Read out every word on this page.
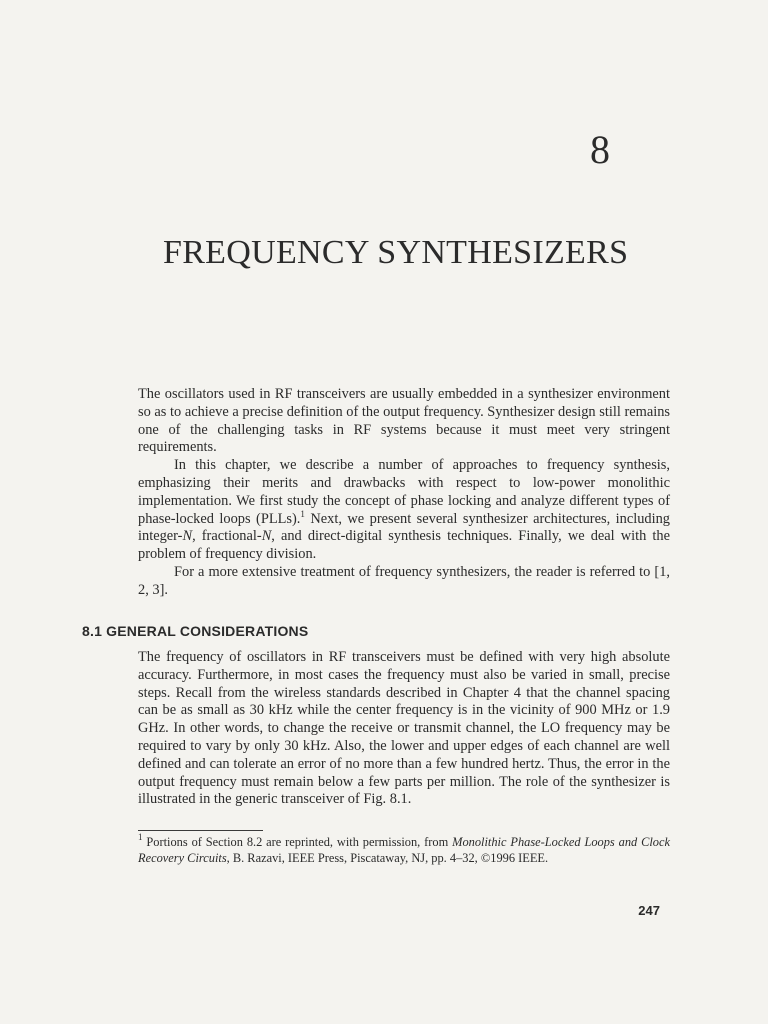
8
FREQUENCY SYNTHESIZERS

The oscillators used in RF transceivers are usually embedded in a synthesizer environment so as to achieve a precise definition of the output frequency. Synthesizer design still remains one of the challenging tasks in RF systems because it must meet very stringent requirements.

In this chapter, we describe a number of approaches to frequency synthesis, emphasizing their merits and drawbacks with respect to low-power monolithic implementation. We first study the concept of phase locking and analyze different types of phase-locked loops (PLLs).$^1$ Next, we present several synthesizer architectures, including integer-N, fractional-N, and direct-digital synthesis techniques. Finally, we deal with the problem of frequency division.

For a more extensive treatment of frequency synthesizers, the reader is referred to [1, 2, 3].

8.1 GENERAL CONSIDERATIONS

The frequency of oscillators in RF transceivers must be defined with very high absolute accuracy. Furthermore, in most cases the frequency must also be varied in small, precise steps. Recall from the wireless standards described in Chapter 4 that the channel spacing can be as small as 30 kHz while the center frequency is in the vicinity of 900 MHz or 1.9 GHz. In other words, to change the receive or transmit channel, the LO frequency may be required to vary by only 30 kHz. Also, the lower and upper edges of each channel are well defined and can tolerate an error of no more than a few hundred hertz. Thus, the error in the output frequency must remain below a few parts per million. The role of the synthesizer is illustrated in the generic transceiver of Fig. 8.1.

$^1$ Portions of Section 8.2 are reprinted, with permission, from Monolithic Phase-Locked Loops and Clock Recovery Circuits, B. Razavi, IEEE Press, Piscataway, NJ, pp. 4–32, ©1996 IEEE.

247
